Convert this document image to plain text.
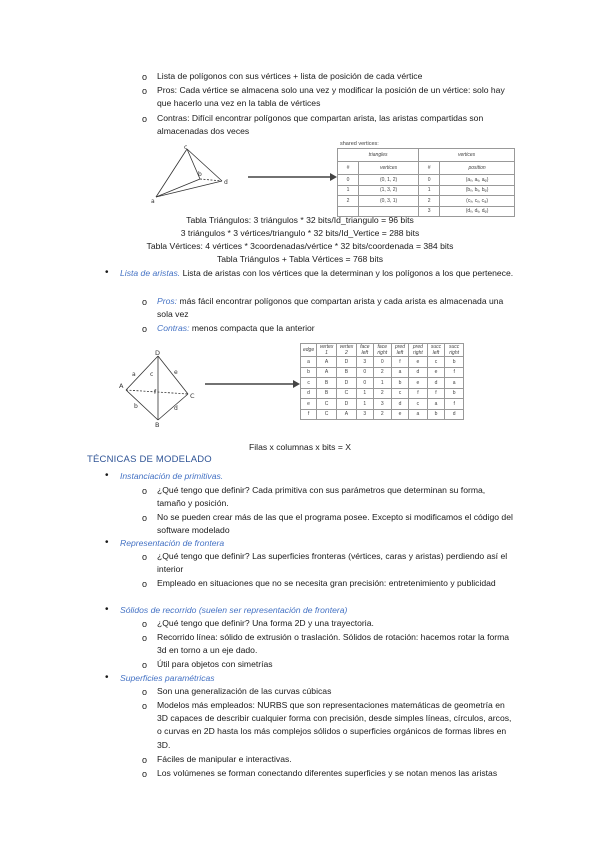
o Lista de polígonos con sus vértices + lista de posición de cada vértice
o Pros: Cada vértice se almacena solo una vez y modificar la posición de un vértice: solo hay que hacerlo una vez en la tabla de vértices
o Contras: Difícil encontrar polígonos que compartan arista, las aristas compartidas son almacenadas dos veces
c
a
b
d
shared vertices:
triangles		vertices	
#	vertices	#	position
0	(0, 1, 2)	0	(aₓ, aᵧ, aᵩ)
1	(1, 3, 2)	1	(bₓ, bᵧ, bᵩ)
2	(0, 3, 1)	2	(cₓ, cᵧ, cᵩ)
		3	(dₓ, dᵧ, dᵩ)
Tabla Triángulos: 3 triángulos * 32 bits/Id_triangulo = 96 bits
3 triángulos * 3 vértices/triangulo * 32 bits/Id_Vertice = 288 bits
Tabla Vértices: 4 vértices * 3coordenadas/vértice * 32 bits/coordenada = 384 bits
Tabla Triángulos + Tabla Vértices = 768 bits
• Lista de aristas. Lista de aristas con los vértices que la determinan y los polígonos a los que pertenece.
o Pros: más fácil encontrar polígonos que compartan arista y cada arista es almacenada una sola vez
o Contras: menos compacta que la anterior
D
a c	e
A
b
B
d
C
f
edge	vertex 1	vertex 2	face left	face right	pred left	pred right	succ left	succ right
a	A	D	3	0	f	e	c	b
b	A	B	0	2	a	d	e	f
c	B	D	0	1	b	e	d	a
d	B	C	1	2	c	f	f	b
e	C	D	1	3	d	c	a	f
f	C	A	3	2	e	a	b	d
Filas x columnas x bits = X
TÉCNICAS DE MODELADO
• Instanciación de primitivas.
o ¿Qué tengo que definir? Cada primitiva con sus parámetros que determinan su forma, tamaño y posición.
o No se pueden crear más de las que el programa posee. Excepto si modificamos el código del software modelado
• Representación de frontera
o ¿Qué tengo que definir? Las superficies fronteras (vértices, caras y aristas) perdiendo así el interior
o Empleado en situaciones que no se necesita gran precisión: entretenimiento y publicidad
• Sólidos de recorrido (suelen ser representación de frontera)
o ¿Qué tengo que definir? Una forma 2D y una trayectoria.
o Recorrido línea: sólido de extrusión o traslación. Sólidos de rotación: hacemos rotar la forma 3d en torno a un eje dado.
o Útil para objetos con simetrías
• Superficies paramétricas
o Son una generalización de las curvas cúbicas
o Modelos más empleados: NURBS que son representaciones matemáticas de geometría en 3D capaces de describir cualquier forma con precisión, desde simples líneas, círculos, arcos, o curvas en 2D hasta los más complejos sólidos o superficies orgánicos de formas libres en 3D.
o Fáciles de manipular e interactivas.
o Los volúmenes se forman conectando diferentes superficies y se notan menos las aristas
